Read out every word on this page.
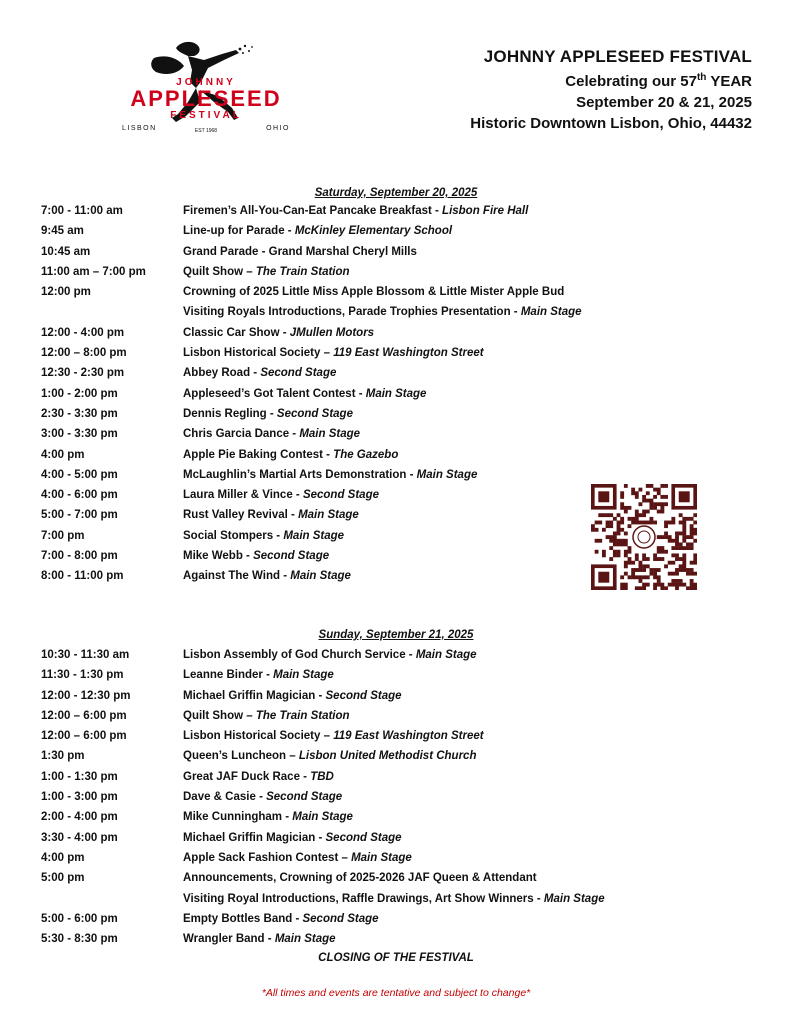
JOHNNY
APPLESEED
FESTIVAL
LISBON	EST 1968	OHIO
JOHNNY APPLESEED FESTIVAL
Celebrating our 57th YEAR
September 20 & 21, 2025
Historic Downtown Lisbon, Ohio, 44432
Saturday, September 20, 2025
7:00 - 11:00 am	Firemen’s All-You-Can-Eat Pancake Breakfast - Lisbon Fire Hall
9:45 am	Line-up for Parade - McKinley Elementary School
10:45 am	Grand Parade - Grand Marshal Cheryl Mills
11:00 am – 7:00 pm	Quilt Show – The Train Station
12:00 pm	Crowning of 2025 Little Miss Apple Blossom & Little Mister Apple Bud
Visiting Royals Introductions, Parade Trophies Presentation - Main Stage
12:00 - 4:00 pm	Classic Car Show - JMullen Motors
12:00 – 8:00 pm	Lisbon Historical Society – 119 East Washington Street
12:30 - 2:30 pm	Abbey Road - Second Stage
1:00 - 2:00 pm	Appleseed’s Got Talent Contest - Main Stage
2:30 - 3:30 pm	Dennis Regling - Second Stage
3:00 - 3:30 pm	Chris Garcia Dance - Main Stage
4:00 pm	Apple Pie Baking Contest - The Gazebo
4:00 - 5:00 pm	McLaughlin’s Martial Arts Demonstration - Main Stage
4:00 - 6:00 pm	Laura Miller & Vince - Second Stage
5:00 - 7:00 pm	Rust Valley Revival - Main Stage
7:00 pm	Social Stompers - Main Stage
7:00 - 8:00 pm	Mike Webb - Second Stage
8:00 - 11:00 pm	Against The Wind - Main Stage
Sunday, September 21, 2025
10:30 - 11:30 am	Lisbon Assembly of God Church Service - Main Stage
11:30 - 1:30 pm	Leanne Binder - Main Stage
12:00 - 12:30 pm	Michael Griffin Magician - Second Stage
12:00 – 6:00 pm	Quilt Show – The Train Station
12:00 – 6:00 pm	Lisbon Historical Society – 119 East Washington Street
1:30 pm	Queen’s Luncheon – Lisbon United Methodist Church
1:00 - 1:30 pm	Great JAF Duck Race - TBD
1:00 - 3:00 pm	Dave & Casie - Second Stage
2:00 - 4:00 pm	Mike Cunningham - Main Stage
3:30 - 4:00 pm	Michael Griffin Magician - Second Stage
4:00 pm	Apple Sack Fashion Contest – Main Stage
5:00 pm	Announcements, Crowning of 2025-2026 JAF Queen & Attendant
Visiting Royal Introductions, Raffle Drawings, Art Show Winners - Main Stage
5:00 - 6:00 pm	Empty Bottles Band - Second Stage
5:30 - 8:30 pm	Wrangler Band - Main Stage
CLOSING OF THE FESTIVAL
*All times and events are tentative and subject to change*
